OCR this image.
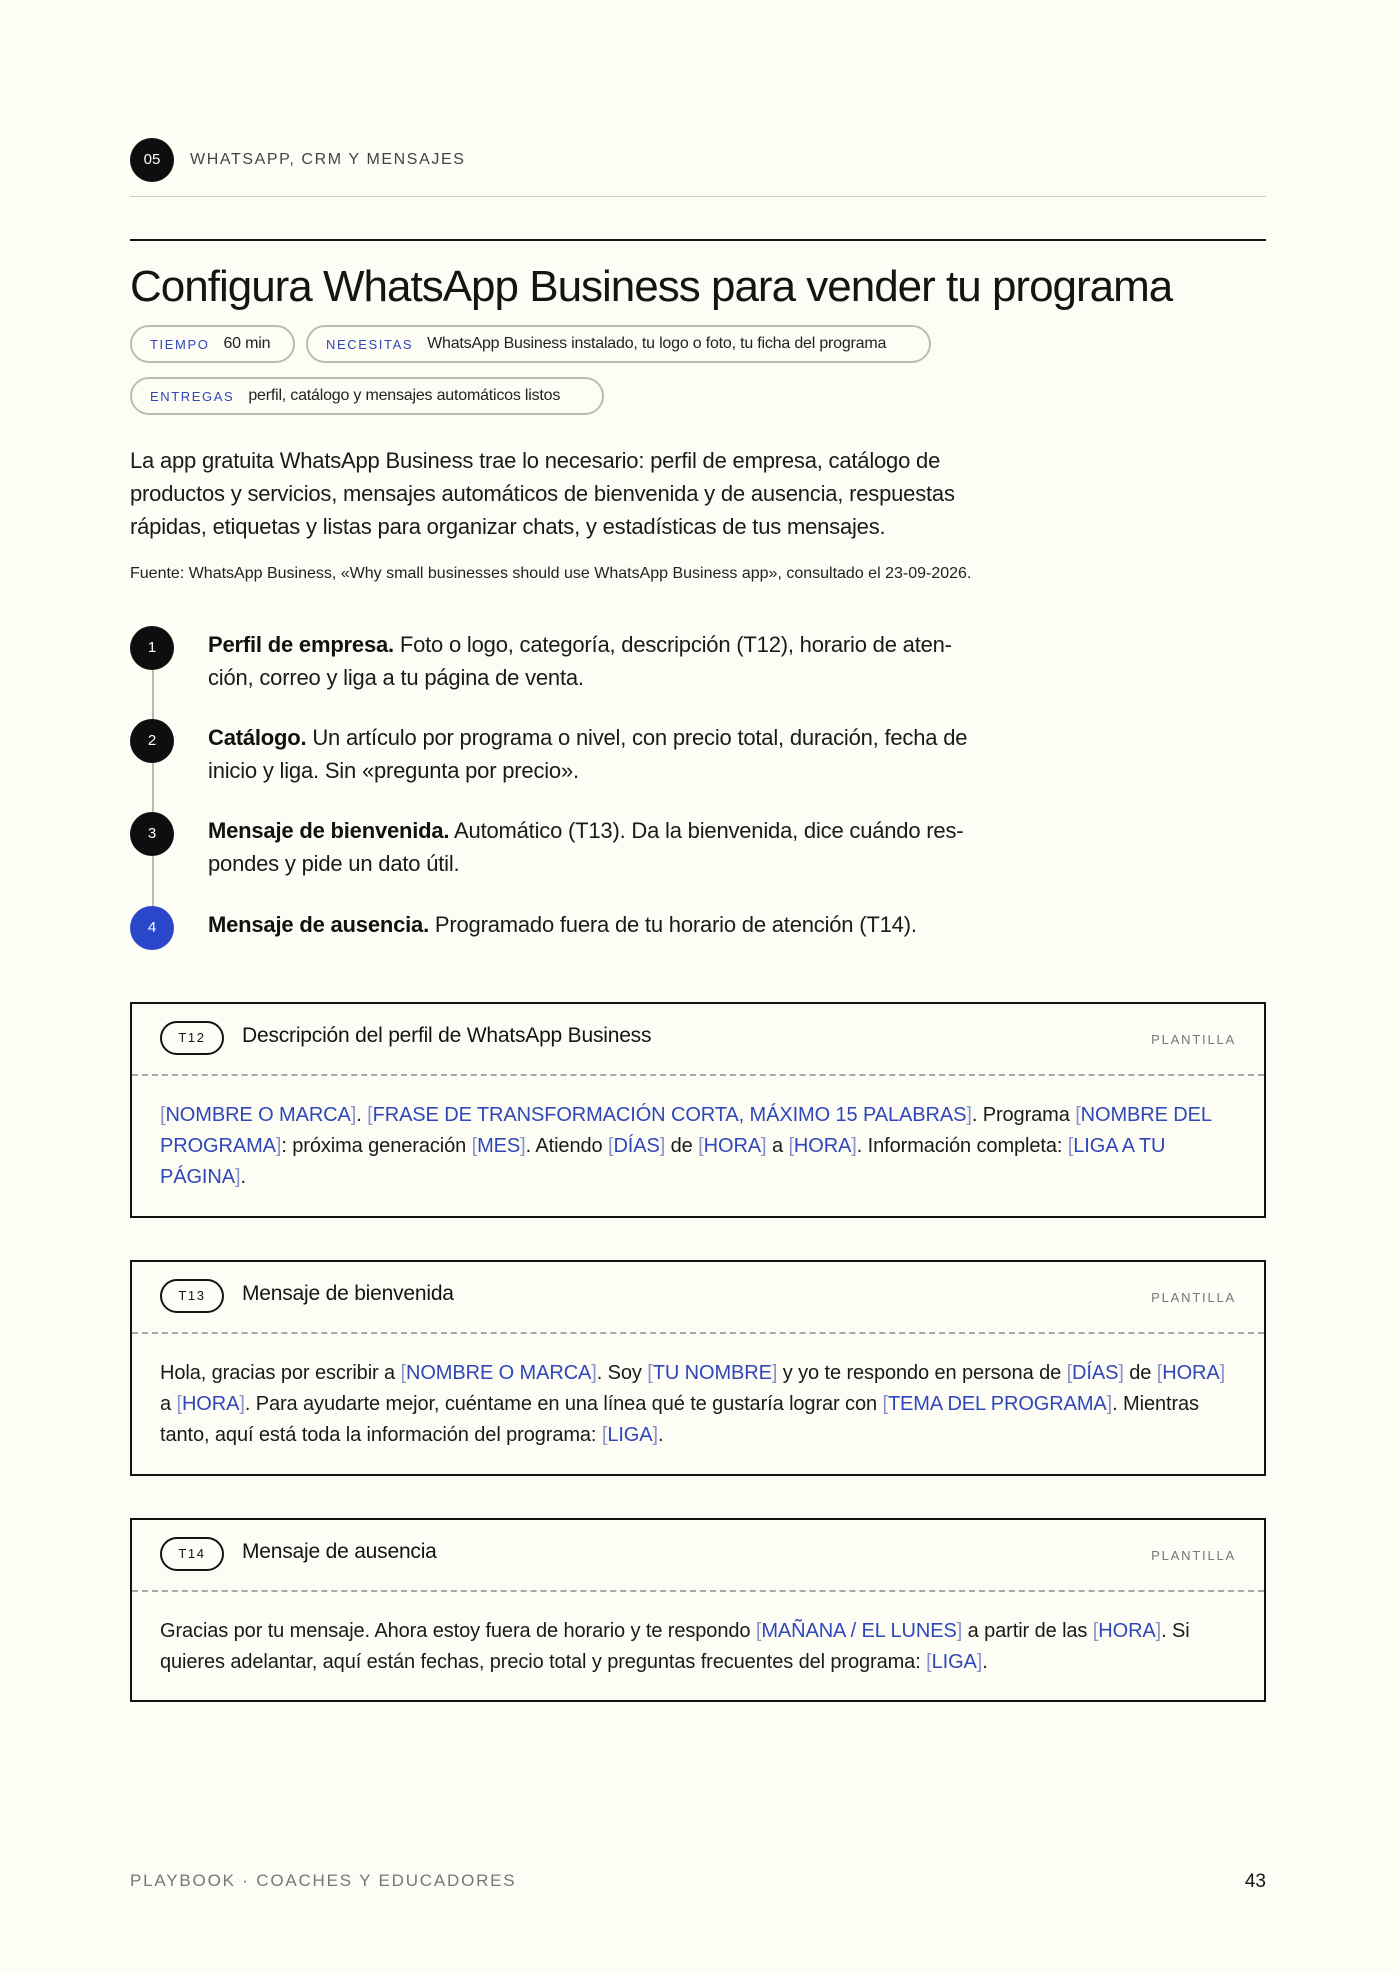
05	WHATSAPP, CRM Y MENSAJES
Configura WhatsApp Business para vender tu programa
TIEMPO 60 min	NECESITAS WhatsApp Business instalado, tu logo o foto, tu ficha del programa
ENTREGAS perfil, catálogo y mensajes automáticos listos

La app gratuita WhatsApp Business trae lo necesario: perfil de empresa, catálogo de productos y servicios, mensajes automáticos de bienvenida y de ausencia, respuestas rápidas, etiquetas y listas para organizar chats, y estadísticas de tus mensajes.

Fuente: WhatsApp Business, «Why small businesses should use WhatsApp Business app», consultado el 23-09-2026.

1	Perfil de empresa. Foto o logo, categoría, descripción (T12), horario de aten-ción, correo y liga a tu página de venta.

2	Catálogo. Un artículo por programa o nivel, con precio total, duración, fecha de inicio y liga. Sin «pregunta por precio».

3	Mensaje de bienvenida. Automático (T13). Da la bienvenida, dice cuándo res-pondes y pide un dato útil.

4	Mensaje de ausencia. Programado fuera de tu horario de atención (T14).

T12	Descripción del perfil de WhatsApp Business	PLANTILLA
[NOMBRE O MARCA]. [FRASE DE TRANSFORMACIÓN CORTA, MÁXIMO 15 PALABRAS]. Programa [NOMBRE DEL PROGRAMA]: próxima generación [MES]. Atiendo [DÍAS] de [HORA] a [HORA]. Información completa: [LIGA A TU PÁGINA].
T13	Mensaje de bienvenida	PLANTILLA
Hola, gracias por escribir a [NOMBRE O MARCA]. Soy [TU NOMBRE] y yo te respondo en persona de [DÍAS] de [HORA] a [HORA]. Para ayudarte mejor, cuéntame en una línea qué te gustaría lograr con [TEMA DEL PROGRAMA]. Mientras tanto, aquí está toda la información del programa: [LIGA].
T14	Mensaje de ausencia	PLANTILLA
Gracias por tu mensaje. Ahora estoy fuera de horario y te respondo [MAÑANA / EL LUNES] a partir de las [HORA]. Si quieres adelantar, aquí están fechas, precio total y preguntas frecuentes del programa: [LIGA].
PLAYBOOK · COACHES Y EDUCADORES	43
